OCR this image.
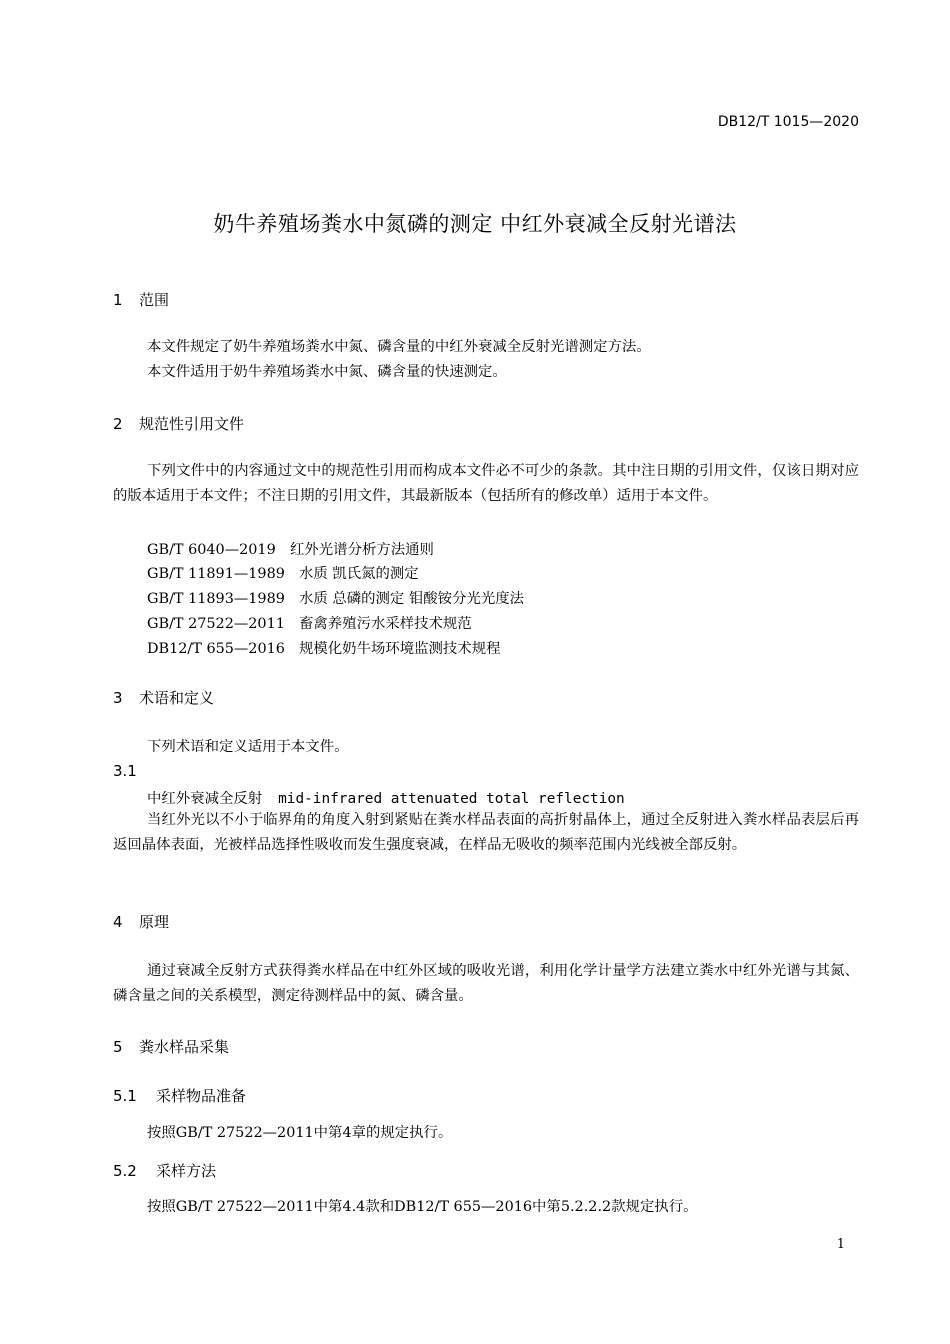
DB12/T 1015—2020
奶牛养殖场粪水中氮磷的测定 中红外衰减全反射光谱法
1 范围
本文件规定了奶牛养殖场粪水中氮、磷含量的中红外衰减全反射光谱测定方法。
本文件适用于奶牛养殖场粪水中氮、磷含量的快速测定。
2 规范性引用文件
下列文件中的内容通过文中的规范性引用而构成本文件必不可少的条款。其中注日期的引用文件，仅该日期对应的版本适用于本文件；不注日期的引用文件，其最新版本（包括所有的修改单）适用于本文件。
GB/T 6040—2019 红外光谱分析方法通则
GB/T 11891—1989 水质 凯氏氮的测定
GB/T 11893—1989 水质 总磷的测定 钼酸铵分光光度法
GB/T 27522—2011 畜禽养殖污水采样技术规范
DB12/T 655—2016 规模化奶牛场环境监测技术规程
3 术语和定义
下列术语和定义适用于本文件。
3.1
中红外衰减全反射 mid-infrared attenuated total reflection
当红外光以不小于临界角的角度入射到紧贴在粪水样品表面的高折射晶体上，通过全反射进入粪水样品表层后再返回晶体表面，光被样品选择性吸收而发生强度衰减，在样品无吸收的频率范围内光线被全部反射。
4 原理
通过衰减全反射方式获得粪水样品在中红外区域的吸收光谱，利用化学计量学方法建立粪水中红外光谱与其氮、磷含量之间的关系模型，测定待测样品中的氮、磷含量。
5 粪水样品采集
5.1 采样物品准备
按照GB/T 27522—2011中第4章的规定执行。
5.2 采样方法
按照GB/T 27522—2011中第4.4款和DB12/T 655—2016中第5.2.2.2款规定执行。
1
